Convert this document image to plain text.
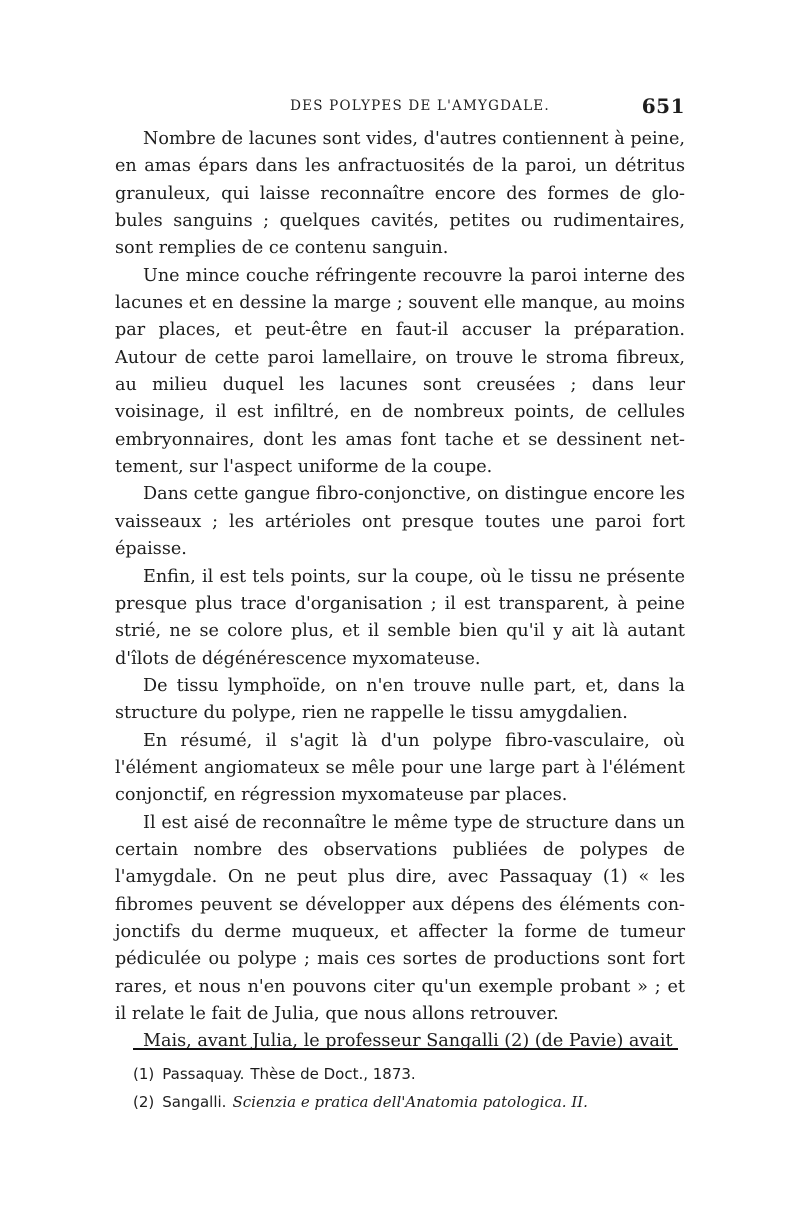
DES POLYPES DE L'AMYGDALE.	651

Nombre de lacunes sont vides, d'autres contiennent à peine, en amas épars dans les anfractuosités de la paroi, un détritus granuleux, qui laisse reconnaître encore des formes de globules sanguins ; quelques cavités, petites ou rudimentaires, sont remplies de ce contenu sanguin.

Une mince couche réfringente recouvre la paroi interne des lacunes et en dessine la marge ; souvent elle manque, au moins par places, et peut-être en faut-il accuser la préparation. Autour de cette paroi lamellaire, on trouve le stroma fibreux, au milieu duquel les lacunes sont creusées ; dans leur voisinage, il est infiltré, en de nombreux points, de cellules embryonnaires, dont les amas font tache et se dessinent nettement, sur l'aspect uniforme de la coupe.

Dans cette gangue fibro-conjonctive, on distingue encore les vaisseaux ; les artérioles ont presque toutes une paroi fort épaisse.

Enfin, il est tels points, sur la coupe, où le tissu ne présente presque plus trace d'organisation ; il est transparent, à peine strié, ne se colore plus, et il semble bien qu'il y ait là autant d'îlots de dégénérescence myxomateuse.

De tissu lymphoïde, on n'en trouve nulle part, et, dans la structure du polype, rien ne rappelle le tissu amygdalien.

En résumé, il s'agit là d'un polype fibro-vasculaire, où l'élément angiomateux se mêle pour une large part à l'élément conjonctif, en régression myxomateuse par places.

Il est aisé de reconnaître le même type de structure dans un certain nombre des observations publiées de polypes de l'amygdale. On ne peut plus dire, avec Passaquay (1) « les fibromes peuvent se développer aux dépens des éléments conjonctifs du derme muqueux, et affecter la forme de tumeur pédiculée ou polype ; mais ces sortes de productions sont fort rares, et nous n'en pouvons citer qu'un exemple probant » ; et il relate le fait de Julia, que nous allons retrouver.

Mais, avant Julia, le professeur Sangalli (2) (de Pavie) avait

(1) Passaquay. Thèse de Doct., 1873.
(2) Sangalli. Scienzia e pratica dell'Anatomia patologica. II.
